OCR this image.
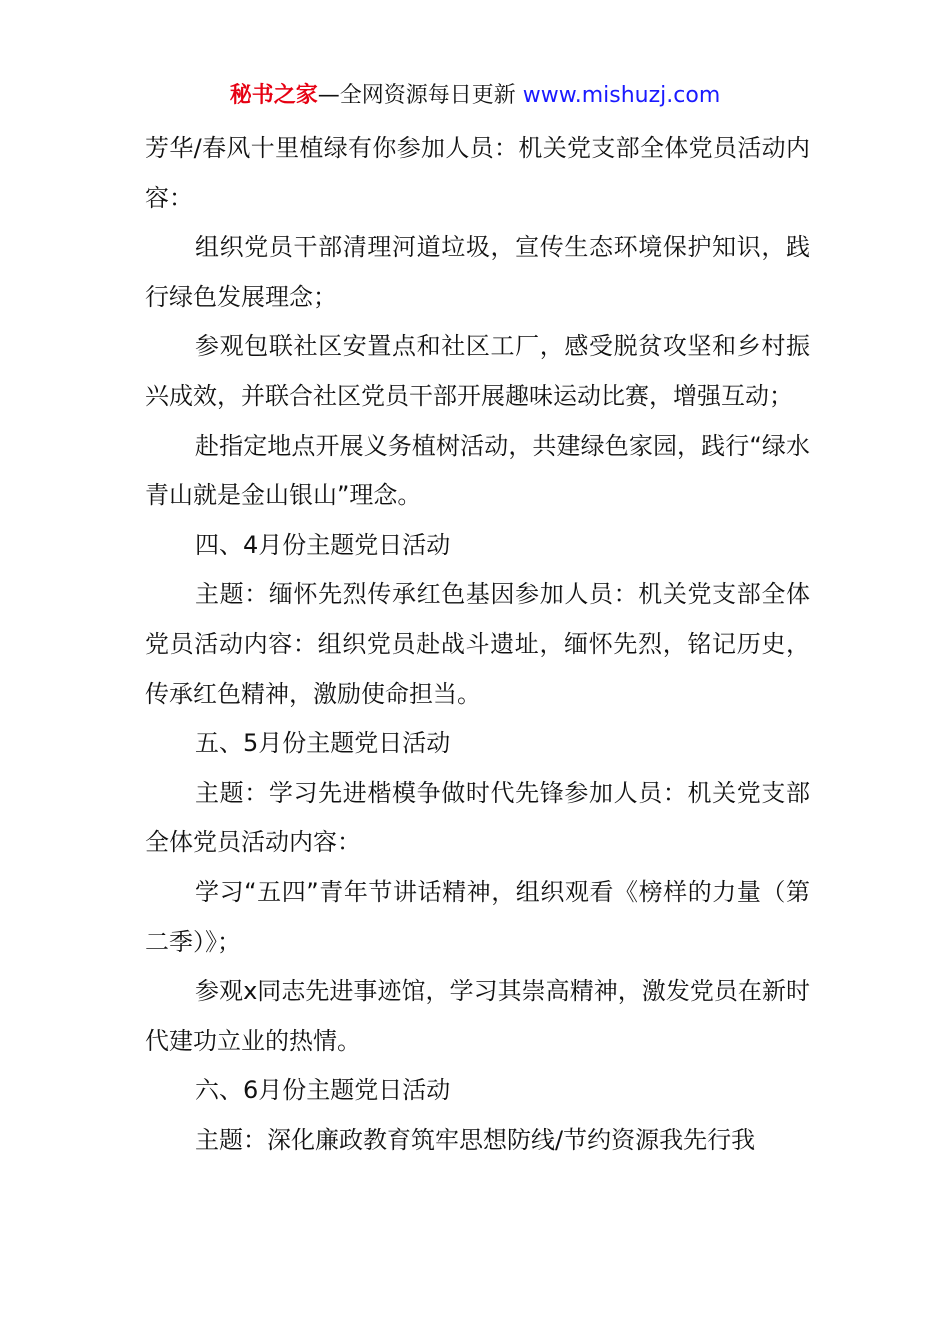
秘书之家—全网资源每日更新 www.mishuzj.com

芳华/春风十里植绿有你参加人员：机关党支部全体党员活动内容：

组织党员干部清理河道垃圾，宣传生态环境保护知识，践行绿色发展理念；

参观包联社区安置点和社区工厂，感受脱贫攻坚和乡村振兴成效，并联合社区党员干部开展趣味运动比赛，增强互动；

赴指定地点开展义务植树活动，共建绿色家园，践行“绿水青山就是金山银山”理念。

四、4月份主题党日活动

主题：缅怀先烈传承红色基因参加人员：机关党支部全体党员活动内容：组织党员赴战斗遗址，缅怀先烈，铭记历史，传承红色精神，激励使命担当。

五、5月份主题党日活动

主题：学习先进楷模争做时代先锋参加人员：机关党支部全体党员活动内容：

学习“五四”青年节讲话精神，组织观看《榜样的力量（第二季）》；

参观x同志先进事迹馆，学习其崇高精神，激发党员在新时代建功立业的热情。

六、6月份主题党日活动

主题：深化廉政教育筑牢思想防线/节约资源我先行我
